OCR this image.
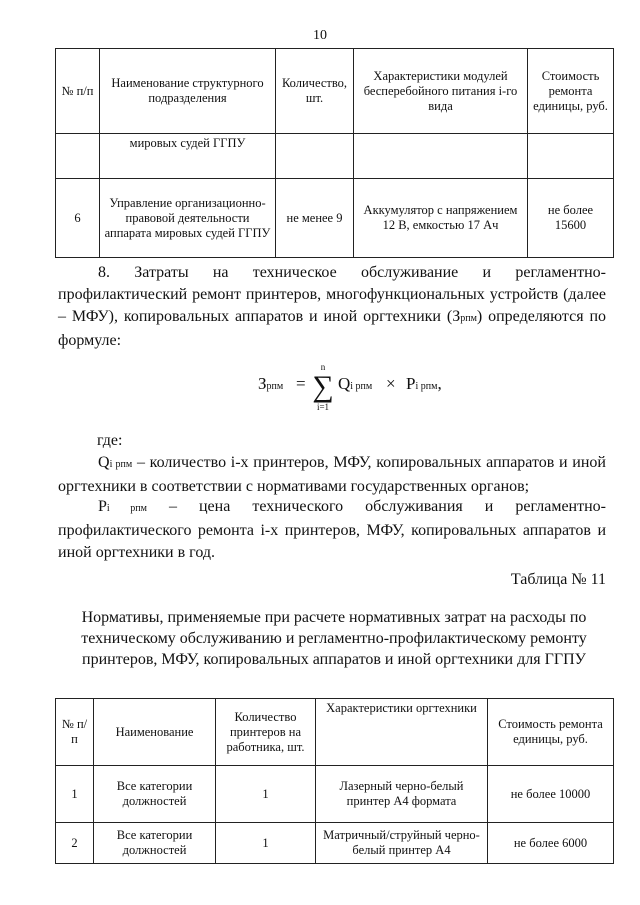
10
№ п/п	Наименование структурного подразделения	Количество, шт.	Характеристики модулей бесперебойного питания i-го вида	Стоимость ремонта единицы, руб.
	мировых судей ГГПУ			
6	Управление организационно-правовой деятельности аппарата мировых судей ГГПУ	не менее 9	Аккумулятор с напряжением 12 В, емкостью 17 Ач	не более 15600
8. Затраты на техническое обслуживание и регламентно-профилактический ремонт принтеров, многофункциональных устройств (далее – МФУ), копировальных аппаратов и иной оргтехники (Зрпм) определяются по формуле:
Зрпм =
n
∑
i=1
Qi рпм × Pi рпм,
где:
Qi рпм – количество i-х принтеров, МФУ, копировальных аппаратов и иной оргтехники в соответствии с нормативами государственных органов;
Pi рпм – цена технического обслуживания и регламентно-профилактического ремонта i-х принтеров, МФУ, копировальных аппаратов и иной оргтехники в год.
Таблица № 11
Нормативы, применяемые при расчете нормативных затрат на расходы по техническому обслуживанию и регламентно-профилактическому ремонту принтеров, МФУ, копировальных аппаратов и иной оргтехники для ГГПУ
№ п/п	Наименование	Количество принтеров на работника, шт.	Характеристики оргтехники	Стоимость ремонта единицы, руб.
1	Все категории должностей	1	Лазерный черно-белый принтер А4 формата	не более 10000
2	Все категории должностей	1	Матричный/струйный черно-белый принтер А4	не более 6000
